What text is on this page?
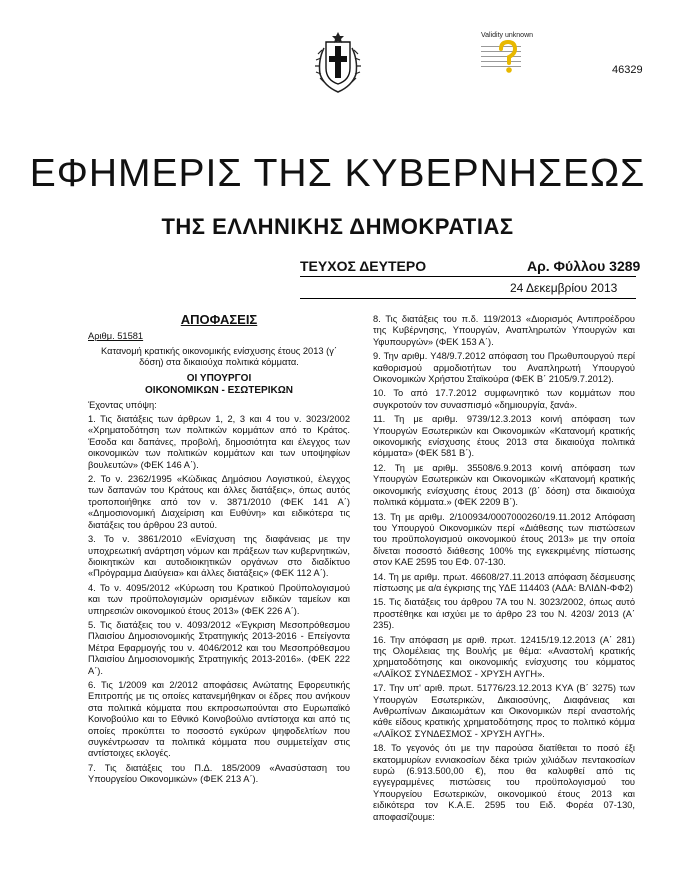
Validity unknown
46329
ΕΦΗΜΕΡΙΣ ΤΗΣ ΚΥΒΕΡΝΗΣΕΩΣ
ΤΗΣ ΕΛΛΗΝΙΚΗΣ ΔΗΜΟΚΡΑΤΙΑΣ
ΤΕΥΧΟΣ ΔΕΥΤΕΡΟ	Αρ. Φύλλου 3289
24 Δεκεμβρίου 2013

ΑΠΟΦΑΣΕΙΣ

Αριθμ. 51581

Κατανομή κρατικής οικονομικής ενίσχυσης έτους 2013 (γ΄ δόση) στα δικαιούχα πολιτικά κόμματα.

ΟΙ ΥΠΟΥΡΓΟΙ
ΟΙΚΟΝΟΜΙΚΩΝ - ΕΣΩΤΕΡΙΚΩΝ

Έχοντας υπόψη:

1. Τις διατάξεις των άρθρων 1, 2, 3 και 4 του ν. 3023/2002 «Χρηματοδότηση των πολιτικών κομμάτων από το Κράτος. Έσοδα και δαπάνες, προβολή, δημοσιότητα και έλεγχος των οικονομικών των πολιτικών κομμάτων και των υποψηφίων βουλευτών» (ΦΕΚ 146 Α΄).

2. Το ν. 2362/1995 «Κώδικας Δημόσιου Λογιστικού, έλεγχος των δαπανών του Κράτους και άλλες διατάξεις», όπως αυτός τροποποιήθηκε από τον ν. 3871/2010 (ΦΕΚ 141 Α΄) «Δημοσιονομική Διαχείριση και Ευθύνη» και ειδικότερα τις διατάξεις του άρθρου 23 αυτού.

3. Το ν. 3861/2010 «Ενίσχυση της διαφάνειας με την υποχρεωτική ανάρτηση νόμων και πράξεων των κυβερνητικών, διοικητικών και αυτοδιοικητικών οργάνων στο διαδίκτυο «Πρόγραμμα Διαύγεια» και άλλες διατάξεις» (ΦΕΚ 112 Α΄).

4. Το ν. 4095/2012 «Κύρωση του Κρατικού Προϋπολογισμού και των προϋπολογισμών ορισμένων ειδικών ταμείων και υπηρεσιών οικονομικού έτους 2013» (ΦΕΚ 226 Α΄).

5. Τις διατάξεις του ν. 4093/2012 «Έγκριση Μεσοπρόθεσμου Πλαισίου Δημοσιονομικής Στρατηγικής 2013-2016 - Επείγοντα Μέτρα Εφαρμογής του ν. 4046/2012 και του Μεσοπρόθεσμου Πλαισίου Δημοσιονομικής Στρατηγικής 2013-2016». (ΦΕΚ 222 Α΄).

6. Τις 1/2009 και 2/2012 αποφάσεις Ανώτατης Εφορευτικής Επιτροπής με τις οποίες κατανεμήθηκαν οι έδρες που ανήκουν στα πολιτικά κόμματα που εκπροσωπούνται στο Ευρωπαϊκό Κοινοβούλιο και το Εθνικό Κοινοβούλιο αντίστοιχα και από τις οποίες προκύπτει το ποσοστό εγκύρων ψηφοδελτίων που συγκέντρωσαν τα πολιτικά κόμματα που συμμετείχαν στις αντίστοιχες εκλογές.

7. Τις διατάξεις του Π.Δ. 185/2009 «Ανασύσταση του Υπουργείου Οικονομικών» (ΦΕΚ 213 Α΄).

8. Τις διατάξεις του π.δ. 119/2013 «Διορισμός Αντιπροέδρου της Κυβέρνησης, Υπουργών, Αναπληρωτών Υπουργών και Υφυπουργών» (ΦΕΚ 153 Α΄).

9. Την αριθμ. Υ48/9.7.2012 απόφαση του Πρωθυπουργού περί καθορισμού αρμοδιοτήτων του Αναπληρωτή Υπουργού Οικονομικών Χρήστου Σταϊκούρα (ΦΕΚ Β΄ 2105/9.7.2012).

10. Το από 17.7.2012 συμφωνητικό των κομμάτων που συγκροτούν τον συνασπισμό «δημιουργία, ξανά».

11. Τη με αριθμ. 9739/12.3.2013 κοινή απόφαση των Υπουργών Εσωτερικών και Οικονομικών «Κατανομή κρατικής οικονομικής ενίσχυσης έτους 2013 στα δικαιούχα πολιτικά κόμματα» (ΦΕΚ 581 Β΄).

12. Τη με αριθμ. 35508/6.9.2013 κοινή απόφαση των Υπουργών Εσωτερικών και Οικονομικών «Κατανομή κρατικής οικονομικής ενίσχυσης έτους 2013 (β΄ δόση) στα δικαιούχα πολιτικά κόμματα.» (ΦΕΚ 2209 Β΄).

13. Τη με αριθμ. 2/100934/0007000260/19.11.2012 Απόφαση του Υπουργού Οικονομικών περί «Διάθεσης των πιστώσεων του προϋπολογισμού οικονομικού έτους 2013» με την οποία δίνεται ποσοστό διάθεσης 100% της εγκεκριμένης πίστωσης στον ΚΑΕ 2595 του ΕΦ. 07-130.

14. Τη με αριθμ. πρωτ. 46608/27.11.2013 απόφαση δέσμευσης πίστωσης με α/α έγκρισης της ΥΔΕ 114403 (ΑΔΑ: ΒΛΙΔΝ-ΦΦ2)

15. Τις διατάξεις του άρθρου 7Α του Ν. 3023/2002, όπως αυτό προστέθηκε και ισχύει με το άρθρο 23 του Ν. 4203/ 2013 (Α΄ 235).

16. Την απόφαση με αριθ. πρωτ. 12415/19.12.2013 (Α΄ 281) της Ολομέλειας της Βουλής με θέμα: «Αναστολή κρατικής χρηματοδότησης και οικονομικής ενίσχυσης του κόμματος «ΛΑΪΚΟΣ ΣΥΝΔΕΣΜΟΣ - ΧΡΥΣΗ ΑΥΓΗ».

17. Την υπ' αριθ. πρωτ. 51776/23.12.2013 ΚΥΑ (Β΄ 3275) των Υπουργών Εσωτερικών, Δικαιοσύνης, Διαφάνειας και Ανθρωπίνων Δικαιωμάτων και Οικονομικών περί αναστολής κάθε είδους κρατικής χρηματοδότησης προς το πολιτικό κόμμα «ΛΑΪΚΟΣ ΣΥΝΔΕΣΜΟΣ - ΧΡΥΣΗ ΑΥΓΗ».

18. Το γεγονός ότι με την παρούσα διατίθεται το ποσό έξι εκατομμυρίων εννιακοσίων δέκα τριών χιλιάδων πεντακοσίων ευρώ (6.913.500,00 €), που θα καλυφθεί από τις εγγεγραμμένες πιστώσεις του προϋπολογισμού του Υπουργείου Εσωτερικών, οικονομικού έτους 2013 και ειδικότερα τον Κ.Α.Ε. 2595 του Ειδ. Φορέα 07-130, αποφασίζουμε:
